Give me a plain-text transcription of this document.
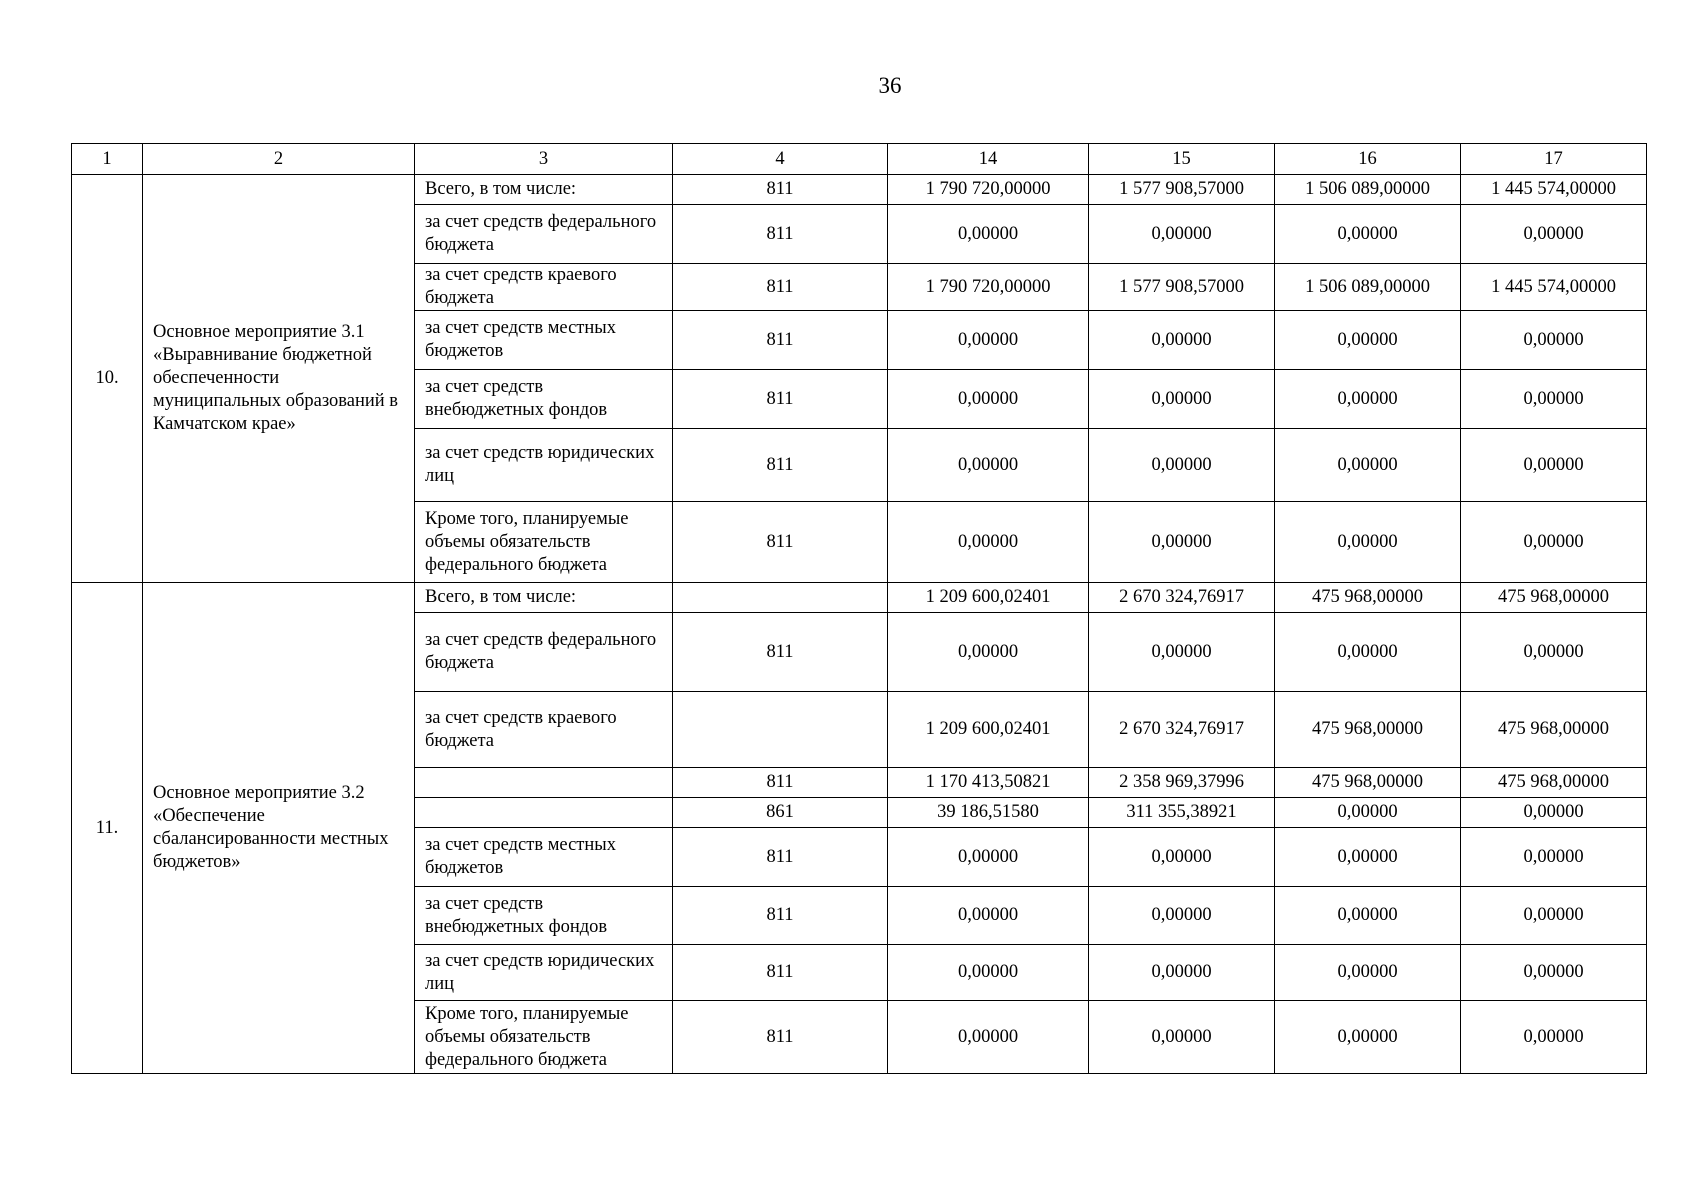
36
1	2	3	4	14	15	16	17
10.	Основное мероприятие 3.1 «Выравнивание бюджетной обеспеченности муниципальных образований в Камчатском крае»	Всего, в том числе:	811	1 790 720,00000	1 577 908,57000	1 506 089,00000	1 445 574,00000
		за счет средств федерального бюджета	811	0,00000	0,00000	0,00000	0,00000
		за счет средств краевого бюджета	811	1 790 720,00000	1 577 908,57000	1 506 089,00000	1 445 574,00000
		за счет средств местных бюджетов	811	0,00000	0,00000	0,00000	0,00000
		за счет средств внебюджетных фондов	811	0,00000	0,00000	0,00000	0,00000
		за счет средств юридических лиц	811	0,00000	0,00000	0,00000	0,00000
		Кроме того, планируемые объемы обязательств федерального бюджета	811	0,00000	0,00000	0,00000	0,00000
11.	Основное мероприятие 3.2 «Обеспечение сбалансированности местных бюджетов»	Всего, в том числе:		1 209 600,02401	2 670 324,76917	475 968,00000	475 968,00000
		за счет средств федерального бюджета	811	0,00000	0,00000	0,00000	0,00000
		за счет средств краевого бюджета		1 209 600,02401	2 670 324,76917	475 968,00000	475 968,00000
			811	1 170 413,50821	2 358 969,37996	475 968,00000	475 968,00000
			861	39 186,51580	311 355,38921	0,00000	0,00000
		за счет средств местных бюджетов	811	0,00000	0,00000	0,00000	0,00000
		за счет средств внебюджетных фондов	811	0,00000	0,00000	0,00000	0,00000
		за счет средств юридических лиц	811	0,00000	0,00000	0,00000	0,00000
		Кроме того, планируемые объемы обязательств федерального бюджета	811	0,00000	0,00000	0,00000	0,00000
